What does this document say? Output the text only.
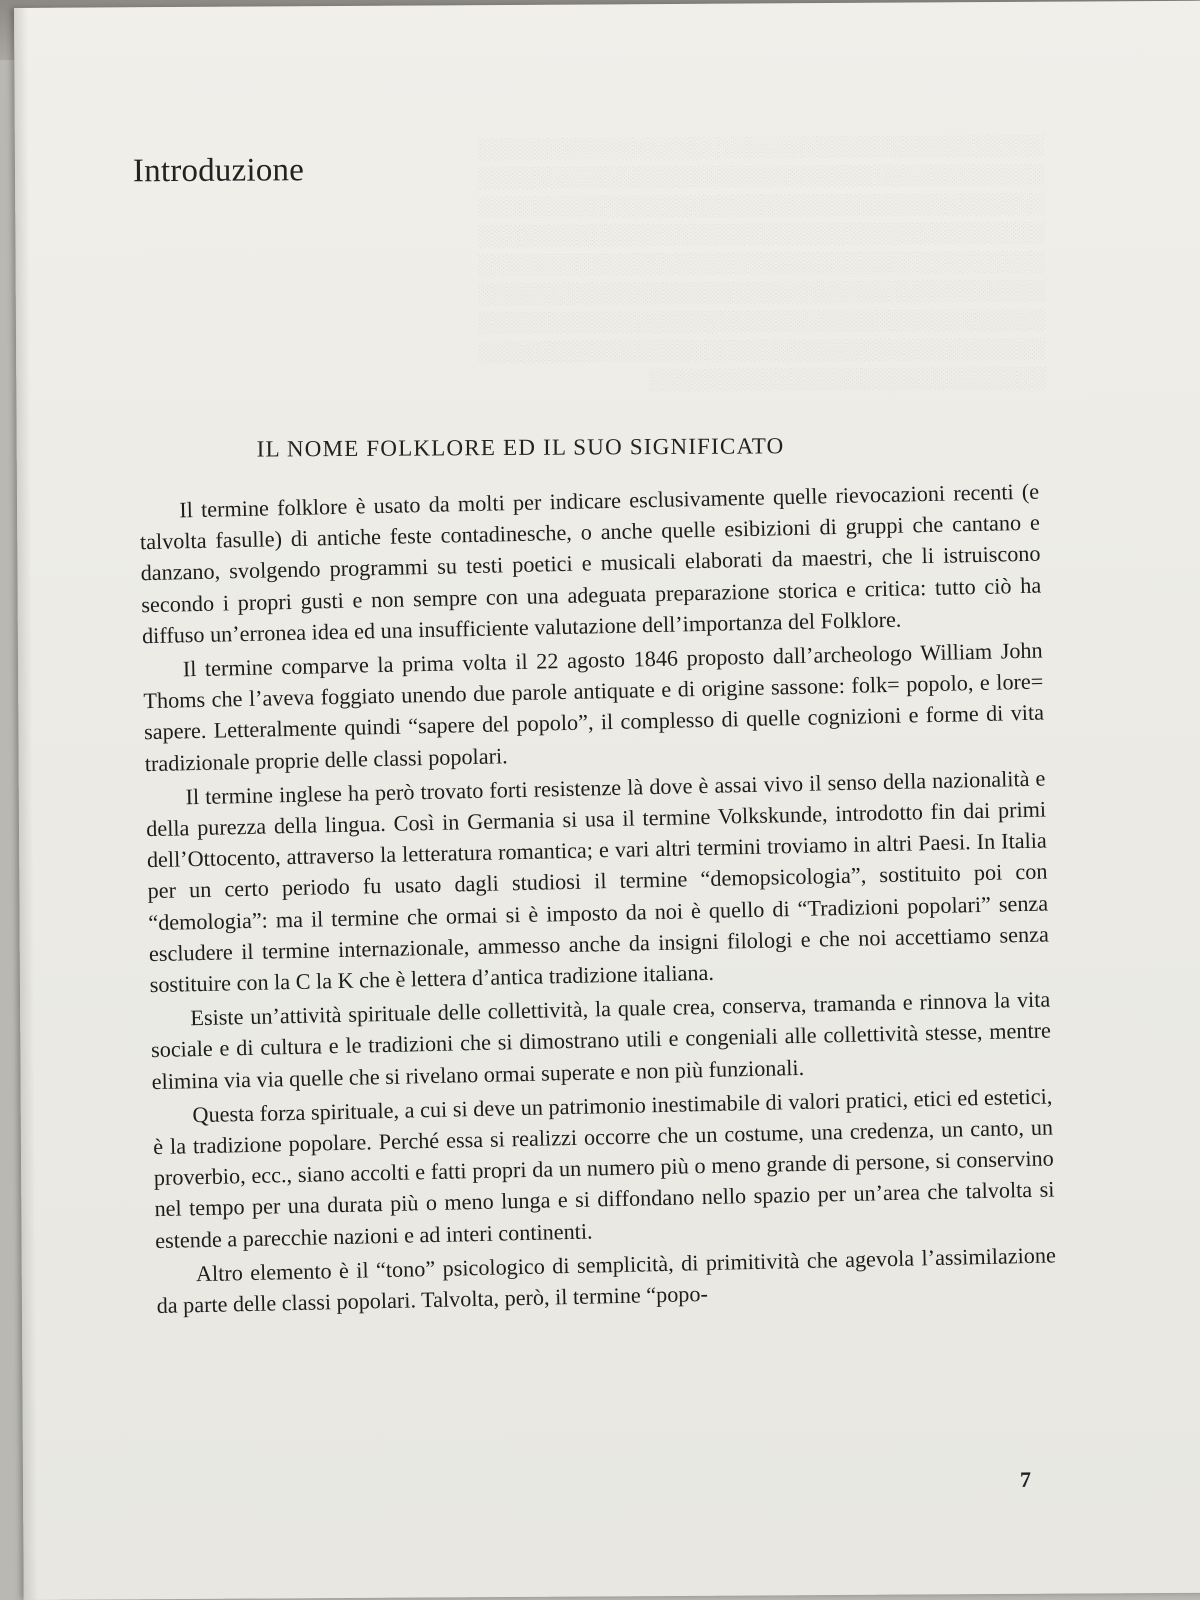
░░░░░░░░░░░░░░░░░░░░░░░░░░░░░░░░░░░░░░░░
░░░░░░░░░░░░░░░░░░░░░░░░░░░░░░░░░░░░░░░░
░░░░░░░░░░░░░░░░░░░░░░░░░░░░░░░░░░░░░░░░
░░░░░░░░░░░░░░░░░░░░░░░░░░░░░░░░░░░░░░░░
░░░░░░░░░░░░░░░░░░░░░░░░░░░░░░░░░░░░░░░░
░░░░░░░░░░░░░░░░░░░░░░░░░░░░░░░░░░░░░░░░
░░░░░░░░░░░░░░░░░░░░░░░░░░░░░░░░░░░░░░░░
░░░░░░░░░░░░░░░░░░░░░░░░░░░░░░░░░░░░░░░░
░░░░░░░░░░░░░░░░░░░░░░░░░░░░
Introduzione
IL NOME FOLKLORE ED IL SUO SIGNIFICATO

Il termine folklore è usato da molti per indicare esclusivamente quelle rievocazioni recenti (e talvolta fasulle) di antiche feste contadinesche, o anche quelle esibizioni di gruppi che cantano e danzano, svolgendo programmi su testi poetici e musicali elaborati da maestri, che li istruiscono secondo i propri gusti e non sempre con una adeguata preparazione storica e critica: tutto ciò ha diffuso un’erronea idea ed una insufficiente valutazione dell’importanza del Folklore.

Il termine comparve la prima volta il 22 agosto 1846 proposto dall’archeologo William John Thoms che l’aveva foggiato unendo due parole antiquate e di origine sassone: folk= popolo, e lore= sapere. Letteralmente quindi “sapere del popolo”, il complesso di quelle cognizioni e forme di vita tradizionale proprie delle classi popolari.

Il termine inglese ha però trovato forti resistenze là dove è assai vivo il senso della nazionalità e della purezza della lingua. Così in Germania si usa il termine Volkskunde, introdotto fin dai primi dell’Ottocento, attraverso la letteratura romantica; e vari altri termini troviamo in altri Paesi. In Italia per un certo periodo fu usato dagli studiosi il termine “demopsicologia”, sostituito poi con “demologia”: ma il termine che ormai si è imposto da noi è quello di “Tradizioni popolari” senza escludere il termine internazionale, ammesso anche da insigni filologi e che noi accettiamo senza sostituire con la C la K che è lettera d’antica tradizione italiana.

Esiste un’attività spirituale delle collettività, la quale crea, conserva, tramanda e rinnova la vita sociale e di cultura e le tradizioni che si dimostrano utili e congeniali alle collettività stesse, mentre elimina via via quelle che si rivelano ormai superate e non più funzionali.

Questa forza spirituale, a cui si deve un patrimonio inestimabile di valori pratici, etici ed estetici, è la tradizione popolare. Perché essa si realizzi occorre che un costume, una credenza, un canto, un proverbio, ecc., siano accolti e fatti propri da un numero più o meno grande di persone, si conservino nel tempo per una durata più o meno lunga e si diffondano nello spazio per un’area che talvolta si estende a parecchie nazioni e ad interi continenti.

Altro elemento è il “tono” psicologico di semplicità, di primitività che agevola l’assimilazione da parte delle classi popolari. Talvolta, però, il termine “popo-

7
